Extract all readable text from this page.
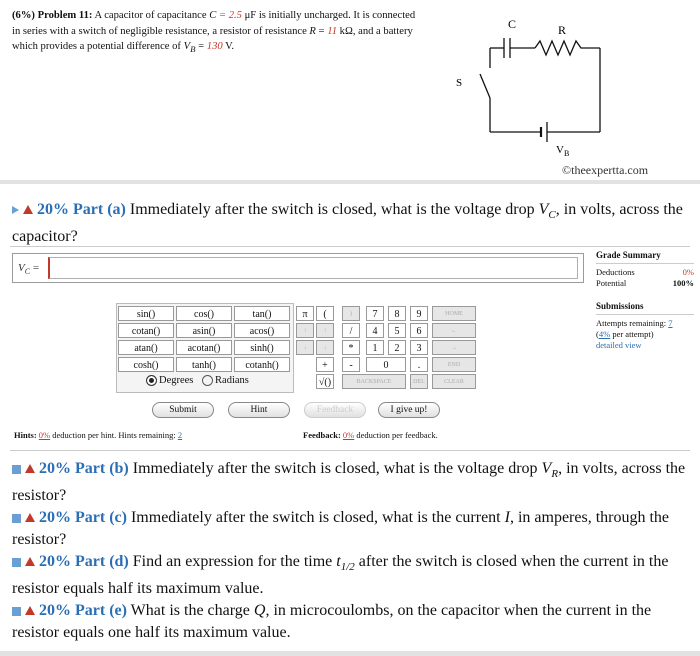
(6%) Problem 11: A capacitor of capacitance C = 2.5 μF is initially uncharged. It is connected in series with a switch of negligible resistance, a resistor of resistance R = 11 kΩ, and a battery which provides a potential difference of $V_B = 130$ V.
C	R
S
$V_B$
©theexpertta.com
20% Part (a) Immediately after the switch is closed, what is the voltage drop $V_C$, in volts, across the capacitor?
$V_C$ =
Grade Summary
Deductions	0%
Potential	100%
Submissions
Attempts remaining: 7
(4% per attempt)
detailed view
sin()	cos()	tan()
cotan()	asin()	acos()
atan()	acotan()	sinh()
cosh()	tanh()	cotanh()
π	(	)	7	8	9	HOME
↑	↑	/	4	5	6	←
↓	↓	*	1	2	3	→
+	-	0	.	END
√()	BACKSPACE	DEL	CLEAR
Degrees Radians
Submit	Hint	Feedback	I give up!
Hints: 0% deduction per hint. Hints remaining: 2	Feedback: 0% deduction per feedback.
20% Part (b) Immediately after the switch is closed, what is the voltage drop $V_R$, in volts, across the resistor?
20% Part (c) Immediately after the switch is closed, what is the current I, in amperes, through the resistor?
20% Part (d) Find an expression for the time $t_{1/2}$ after the switch is closed when the current in the resistor equals half its maximum value.
20% Part (e) What is the charge Q, in microcoulombs, on the capacitor when the current in the resistor equals one half its maximum value.
